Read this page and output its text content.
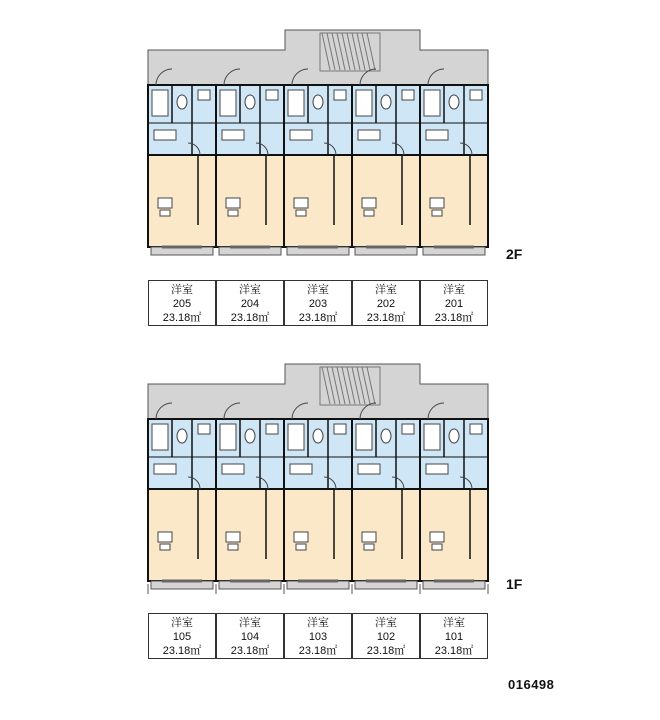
洋室
205
23.18㎡
洋室
204
23.18㎡
洋室
203
23.18㎡
洋室
202
23.18㎡
洋室
201
23.18㎡
洋室
105
23.18㎡
洋室
104
23.18㎡
洋室
103
23.18㎡
洋室
102
23.18㎡
洋室
101
23.18㎡
2F
1F
016498
